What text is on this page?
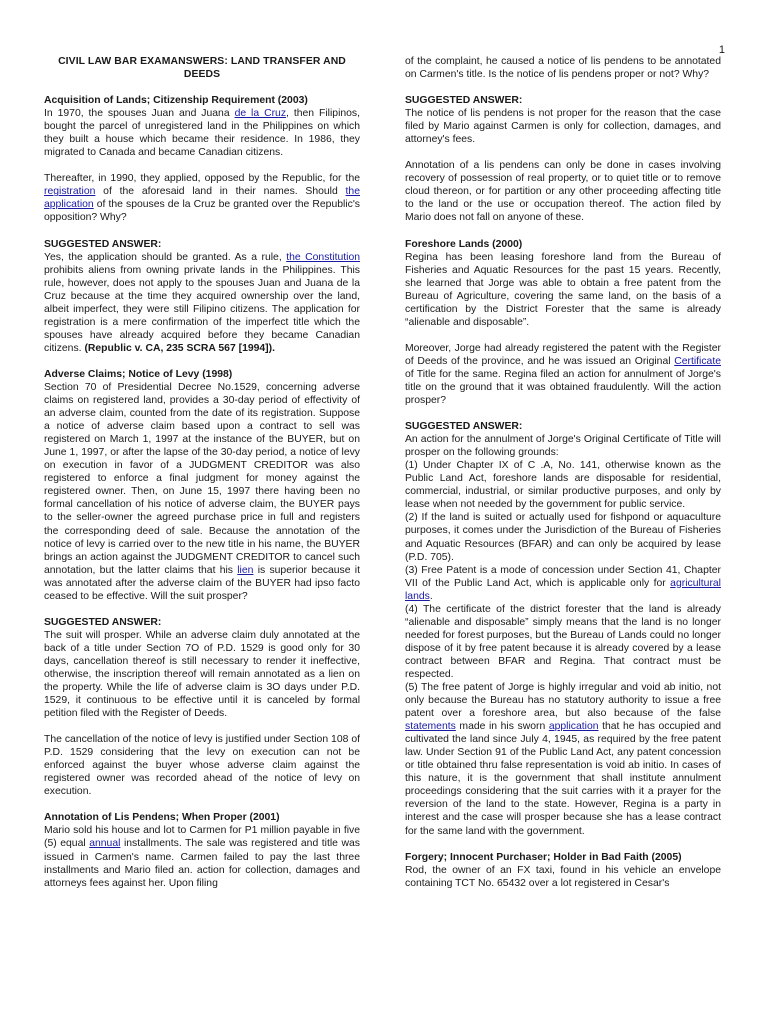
1
CIVIL LAW BAR EXAMANSWERS: LAND TRANSFER AND DEEDS
Acquisition of Lands; Citizenship Requirement (2003)

In 1970, the spouses Juan and Juana de la Cruz, then Filipinos, bought the parcel of unregistered land in the Philippines on which they built a house which became their residence. In 1986, they migrated to Canada and became Canadian citizens.

Thereafter, in 1990, they applied, opposed by the Republic, for the registration of the aforesaid land in their names. Should the application of the spouses de la Cruz be granted over the Republic's opposition? Why?

SUGGESTED ANSWER:

Yes, the application should be granted. As a rule, the Constitution prohibits aliens from owning private lands in the Philippines. This rule, however, does not apply to the spouses Juan and Juana de la Cruz because at the time they acquired ownership over the land, albeit imperfect, they were still Filipino citizens. The application for registration is a mere confirmation of the imperfect title which the spouses have already acquired before they became Canadian citizens. (Republic v. CA, 235 SCRA 567 [1994]).

Adverse Claims; Notice of Levy (1998)

Section 70 of Presidential Decree No.1529, concerning adverse claims on registered land, provides a 30-day period of effectivity of an adverse claim, counted from the date of its registration. Suppose a notice of adverse claim based upon a contract to sell was registered on March 1, 1997 at the instance of the BUYER, but on June 1, 1997, or after the lapse of the 30-day period, a notice of levy on execution in favor of a JUDGMENT CREDITOR was also registered to enforce a final judgment for money against the registered owner. Then, on June 15, 1997 there having been no formal cancellation of his notice of adverse claim, the BUYER pays to the seller-owner the agreed purchase price in full and registers the corresponding deed of sale. Because the annotation of the notice of levy is carried over to the new title in his name, the BUYER brings an action against the JUDGMENT CREDITOR to cancel such annotation, but the latter claims that his lien is superior because it was annotated after the adverse claim of the BUYER had ipso facto ceased to be effective. Will the suit prosper?

SUGGESTED ANSWER:

The suit will prosper. While an adverse claim duly annotated at the back of a title under Section 7O of P.D. 1529 is good only for 30 days, cancellation thereof is still necessary to render it ineffective, otherwise, the inscription thereof will remain annotated as a lien on the property. While the life of adverse claim is 3O days under P.D. 1529, it continuous to be effective until it is canceled by formal petition filed with the Register of Deeds.

The cancellation of the notice of levy is justified under Section 108 of P.D. 1529 considering that the levy on execution can not be enforced against the buyer whose adverse claim against the registered owner was recorded ahead of the notice of levy on execution.

Annotation of Lis Pendens; When Proper (2001)

Mario sold his house and lot to Carmen for P1 million payable in five (5) equal annual installments. The sale was registered and title was issued in Carmen's name. Carmen failed to pay the last three installments and Mario filed an. action for collection, damages and attorneys fees against her. Upon filing

of the complaint, he caused a notice of lis pendens to be annotated on Carmen's title. Is the notice of lis pendens proper or not? Why?

SUGGESTED ANSWER:

The notice of lis pendens is not proper for the reason that the case filed by Mario against Carmen is only for collection, damages, and attorney's fees.

Annotation of a lis pendens can only be done in cases involving recovery of possession of real property, or to quiet title or to remove cloud thereon, or for partition or any other proceeding affecting title to the land or the use or occupation thereof. The action filed by Mario does not fall on anyone of these.

Foreshore Lands (2000)

Regina has been leasing foreshore land from the Bureau of Fisheries and Aquatic Resources for the past 15 years. Recently, she learned that Jorge was able to obtain a free patent from the Bureau of Agriculture, covering the same land, on the basis of a certification by the District Forester that the same is already “alienable and disposable”.

Moreover, Jorge had already registered the patent with the Register of Deeds of the province, and he was issued an Original Certificate of Title for the same. Regina filed an action for annulment of Jorge's title on the ground that it was obtained fraudulently. Will the action prosper?

SUGGESTED ANSWER:
An action for the annulment of Jorge's Original Certificate of Title will prosper on the following grounds:
(1) Under Chapter IX of C .A, No. 141, otherwise known as the Public Land Act, foreshore lands are disposable for residential, commercial, industrial, or similar productive purposes, and only by lease when not needed by the government for public service.
(2) If the land is suited or actually used for fishpond or aquaculture purposes, it comes under the Jurisdiction of the Bureau of Fisheries and Aquatic Resources (BFAR) and can only be acquired by lease (P.D. 705).
(3) Free Patent is a mode of concession under Section 41, Chapter VII of the Public Land Act, which is applicable only for agricultural lands.
(4) The certificate of the district forester that the land is already “alienable and disposable” simply means that the land is no longer needed for forest purposes, but the Bureau of Lands could no longer dispose of it by free patent because it is already covered by a lease contract between BFAR and Regina. That contract must be respected.

(5) The free patent of Jorge is highly irregular and void ab initio, not only because the Bureau has no statutory authority to issue a free patent over a foreshore area, but also because of the false statements made in his sworn application that he has occupied and cultivated the land since July 4, 1945, as required by the free patent law. Under Section 91 of the Public Land Act, any patent concession or title obtained thru false representation is void ab initio. In cases of this nature, it is the government that shall institute annulment proceedings considering that the suit carries with it a prayer for the reversion of the land to the state. However, Regina is a party in interest and the case will prosper because she has a lease contract for the same land with the government.

Forgery; Innocent Purchaser; Holder in Bad Faith (2005)

Rod, the owner of an FX taxi, found in his vehicle an envelope containing TCT No. 65432 over a lot registered in Cesar's
